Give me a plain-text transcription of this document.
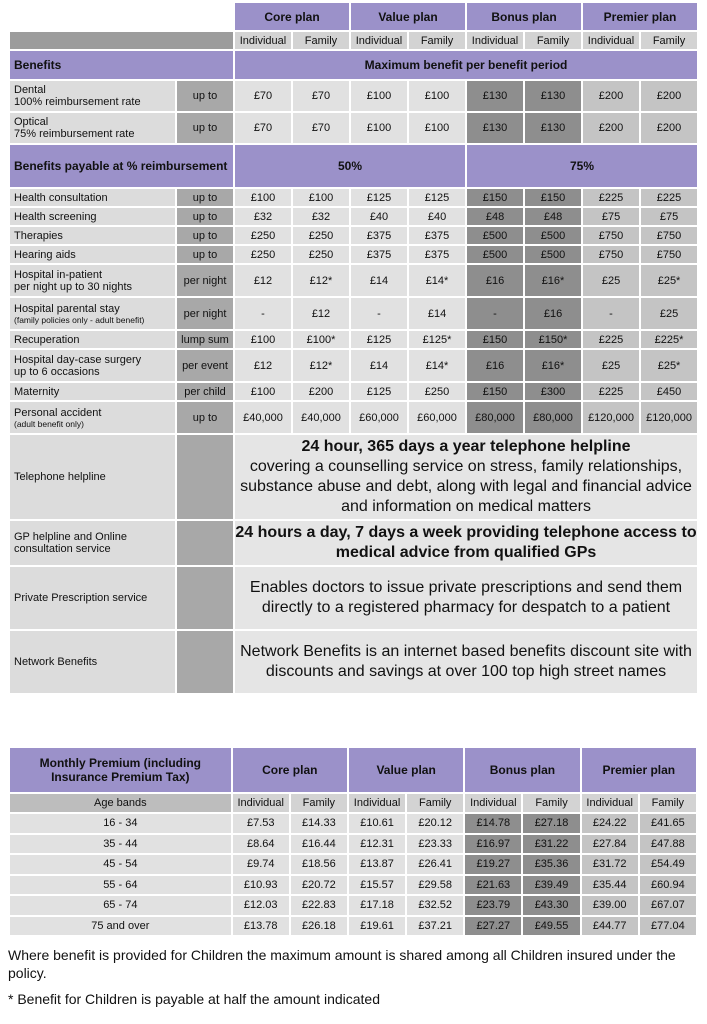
		Core plan		Value plan		Bonus plan		Premier plan	
		Individual	Family	Individual	Family	Individual	Family	Individual	Family
Benefits		Maximum benefit per benefit period							

Dental
100% reimbursement rate	up to	£70	£70	£100	£100	£130	£130	£200	£200

Optical
75% reimbursement rate	up to	£70	£70	£100	£100	£130	£130	£200	£200
Benefits payable at % reimbursement		50%				75%			

Health consultation	up to	£100	£100	£125	£125	£150	£150	£225	£225

Health screening	up to	£32	£32	£40	£40	£48	£48	£75	£75

Therapies	up to	£250	£250	£375	£375	£500	£500	£750	£750

Hearing aids	up to	£250	£250	£375	£375	£500	£500	£750	£750

Hospital in-patient
per night up to 30 nights	per night	£12	£12*	£14	£14*	£16	£16*	£25	£25*

Hospital parental stay
(family policies only - adult benefit)	per night	-	£12	-	£14	-	£16	-	£25

Recuperation	lump sum	£100	£100*	£125	£125*	£150	£150*	£225	£225*

Hospital day-case surgery
up to 6 occasions	per event	£12	£12*	£14	£14*	£16	£16*	£25	£25*

Maternity	per child	£100	£200	£125	£250	£150	£300	£225	£450

Personal accident
(adult benefit only)	up to	£40,000	£40,000	£60,000	£60,000	£80,000	£80,000	£120,000	£120,000
Telephone helpline		24 hour, 365 days a year telephone helpline
covering a counselling service on stress, family relationships, substance abuse and debt, along with legal and financial advice and information on medical matters							
GP helpline and Online consultation service		24 hours a day, 7 days a week providing telephone access to medical advice from qualified GPs							
Private Prescription service		Enables doctors to issue private prescriptions and send them directly to a registered pharmacy for despatch to a patient							
Network Benefits		Network Benefits is an internet based benefits discount site with discounts and savings at over 100 top high street names							
Monthly Premium (including Insurance Premium Tax)	Core plan		Value plan		Bonus plan		Premier plan	
Age bands	Individual	Family	Individual	Family	Individual	Family	Individual	Family
16 - 34	£7.53	£14.33	£10.61	£20.12	£14.78	£27.18	£24.22	£41.65
35 - 44	£8.64	£16.44	£12.31	£23.33	£16.97	£31.22	£27.84	£47.88
45 - 54	£9.74	£18.56	£13.87	£26.41	£19.27	£35.36	£31.72	£54.49
55 - 64	£10.93	£20.72	£15.57	£29.58	£21.63	£39.49	£35.44	£60.94
65 - 74	£12.03	£22.83	£17.18	£32.52	£23.79	£43.30	£39.00	£67.07
75 and over	£13.78	£26.18	£19.61	£37.21	£27.27	£49.55	£44.77	£77.04

Where benefit is provided for Children the maximum amount is shared among all Children insured under the policy.

* Benefit for Children is payable at half the amount indicated
